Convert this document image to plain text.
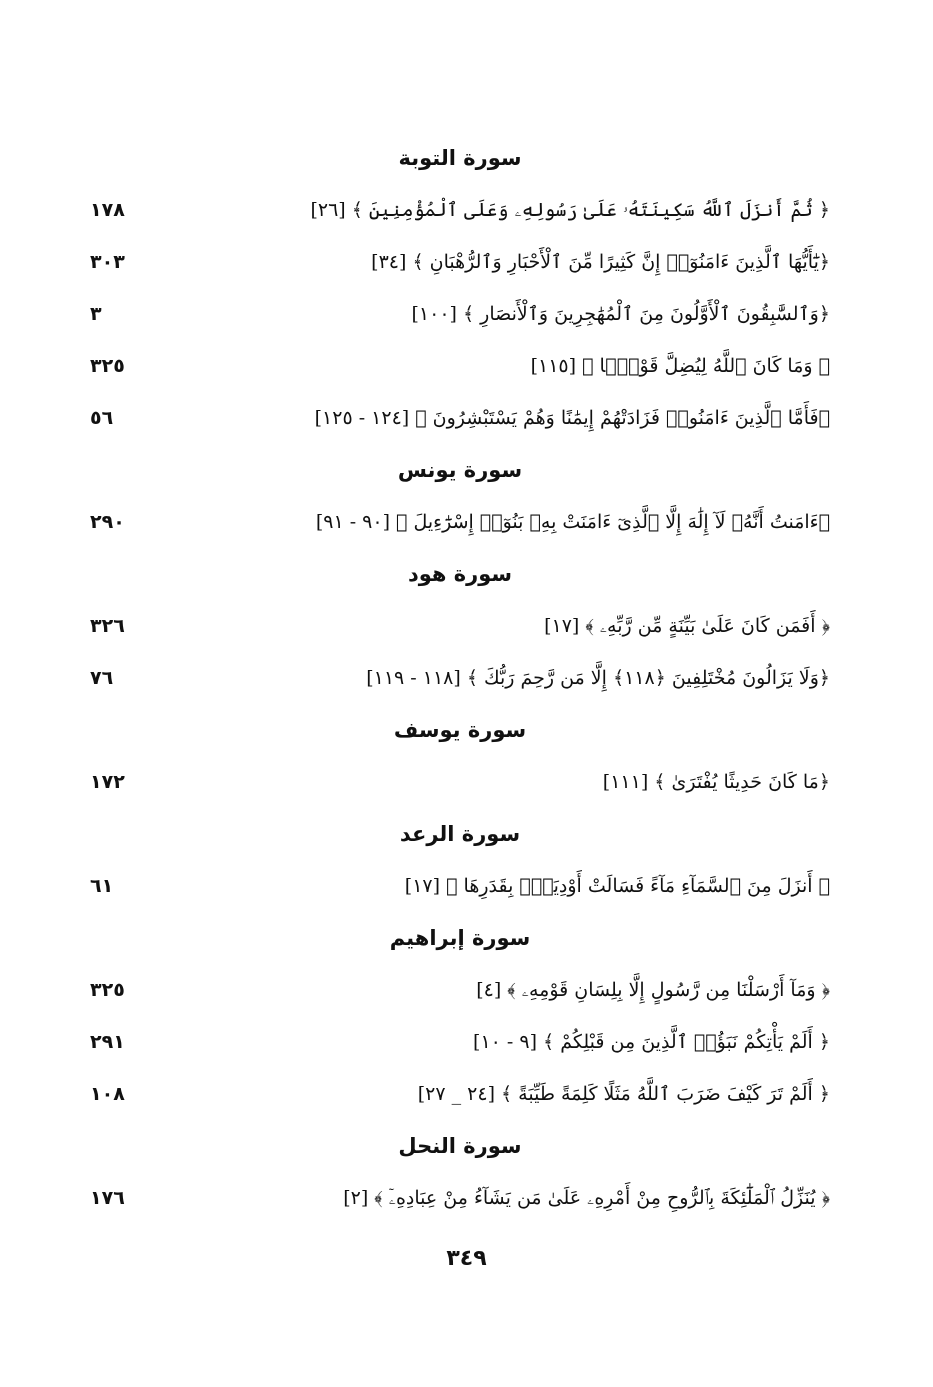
سورة التوبة
﴿ ثُمَّ أَنزَلَ ٱللَّهُ سَكِينَتَهُۥ عَلَىٰ رَسُولِهِۦ وَعَلَى ٱلْمُؤْمِنِينَ ﴾ [٢٦]
١٧٨
﴿يَٰٓأَيُّهَا ٱلَّذِينَ ءَامَنُوٓا۟ إِنَّ كَثِيرًا مِّنَ ٱلْأَحْبَارِ وَٱلرُّهْبَانِ ﴾ [٣٤]
٣٠٣
﴿وَٱلسَّٰبِقُونَ ٱلْأَوَّلُونَ مِنَ ٱلْمُهَٰجِرِينَ وَٱلْأَنصَارِ ﴾ [١٠٠]
٣
﴿ وَمَا كَانَ ٱللَّهُ لِيُضِلَّ قَوْمًۢا ﴾ [١١٥]
٣٢٥
﴿فَأَمَّا ٱلَّذِينَ ءَامَنُوا۟ فَزَادَتْهُمْ إِيمَٰنًا وَهُمْ يَسْتَبْشِرُونَ ﴾ [١٢٤ - ١٢٥]
٥٦
سورة يونس
﴿ءَامَنتُ أَنَّهُۥ لَآ إِلَٰهَ إِلَّا ٱلَّذِىٓ ءَامَنَتْ بِهِۦ بَنُوٓا۟ إِسْرَٰٓءِيلَ ﴾ [٩٠ - ٩١]
٢٩٠
سورة هود
﴿ أَفَمَن كَانَ عَلَىٰ بَيِّنَةٍ مِّن رَّبِّهِۦ ﴾ [١٧]
٣٢٦
﴿وَلَا يَزَالُونَ مُخْتَلِفِينَ ﴿١١٨﴾ إِلَّا مَن رَّحِمَ رَبُّكَ ﴾ [١١٨ - ١١٩]
٧٦
سورة يوسف
﴿مَا كَانَ حَدِيثًا يُفْتَرَىٰ ﴾ [١١١]
١٧٢
سورة الرعد
﴿ أَنزَلَ مِنَ ٱلسَّمَآءِ مَآءً فَسَالَتْ أَوْدِيَةٌۢ بِقَدَرِهَا ﴾ [١٧]
٦١
سورة إبراهيم
﴿ وَمَآ أَرْسَلْنَا مِن رَّسُولٍ إِلَّا بِلِسَانِ قَوْمِهِۦ ﴾ [٤]
٣٢٥
﴿ أَلَمْ يَأْتِكُمْ نَبَؤُا۟ ٱلَّذِينَ مِن قَبْلِكُمْ ﴾ [٩ - ١٠]
٢٩١
﴿ أَلَمْ تَرَ كَيْفَ ضَرَبَ ٱللَّهُ مَثَلًا كَلِمَةً طَيِّبَةً ﴾ [٢٤ _ ٢٧]
١٠٨
سورة النحل
﴿ يُنَزِّلُ ٱلْمَلَٰٓئِكَةَ بِٱلرُّوحِ مِنْ أَمْرِهِۦ عَلَىٰ مَن يَشَآءُ مِنْ عِبَادِهِۦٓ ﴾ [٢]
١٧٦
٣٤٩
